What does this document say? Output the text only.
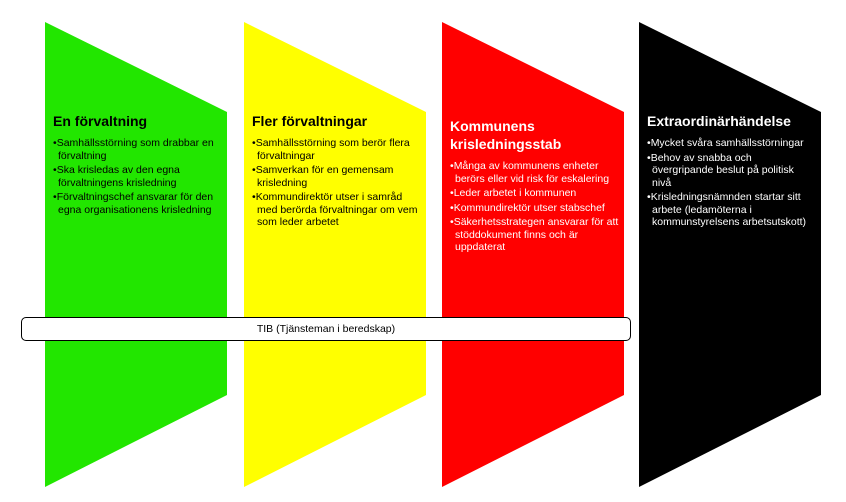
En förvaltning
• Samhällsstörning som drabbar en förvaltning
• Ska krisledas av den egna förvaltningens krisledning
• Förvaltningschef ansvarar för den egna organisationens krisledning
Fler förvaltningar
• Samhällsstörning som berör flera förvaltningar
• Samverkan för en gemensam krisledning
• Kommundirektör utser i samråd med berörda förvaltningar om vem som leder arbetet
Kommunens krisledningsstab
• Många av kommunens enheter berörs eller vid risk för eskalering
• Leder arbetet i kommunen
• Kommundirektör utser stabschef
• Säkerhetsstrategen ansvarar för att stöddokument finns och är uppdaterat
Extraordinärhändelse
• Mycket svåra samhällsstörningar
• Behov av snabba och övergripande beslut på politisk nivå
• Krisledningsnämnden startar sitt arbete (ledamöterna i kommunstyrelsens arbetsutskott)
TIB (Tjänsteman i beredskap)
